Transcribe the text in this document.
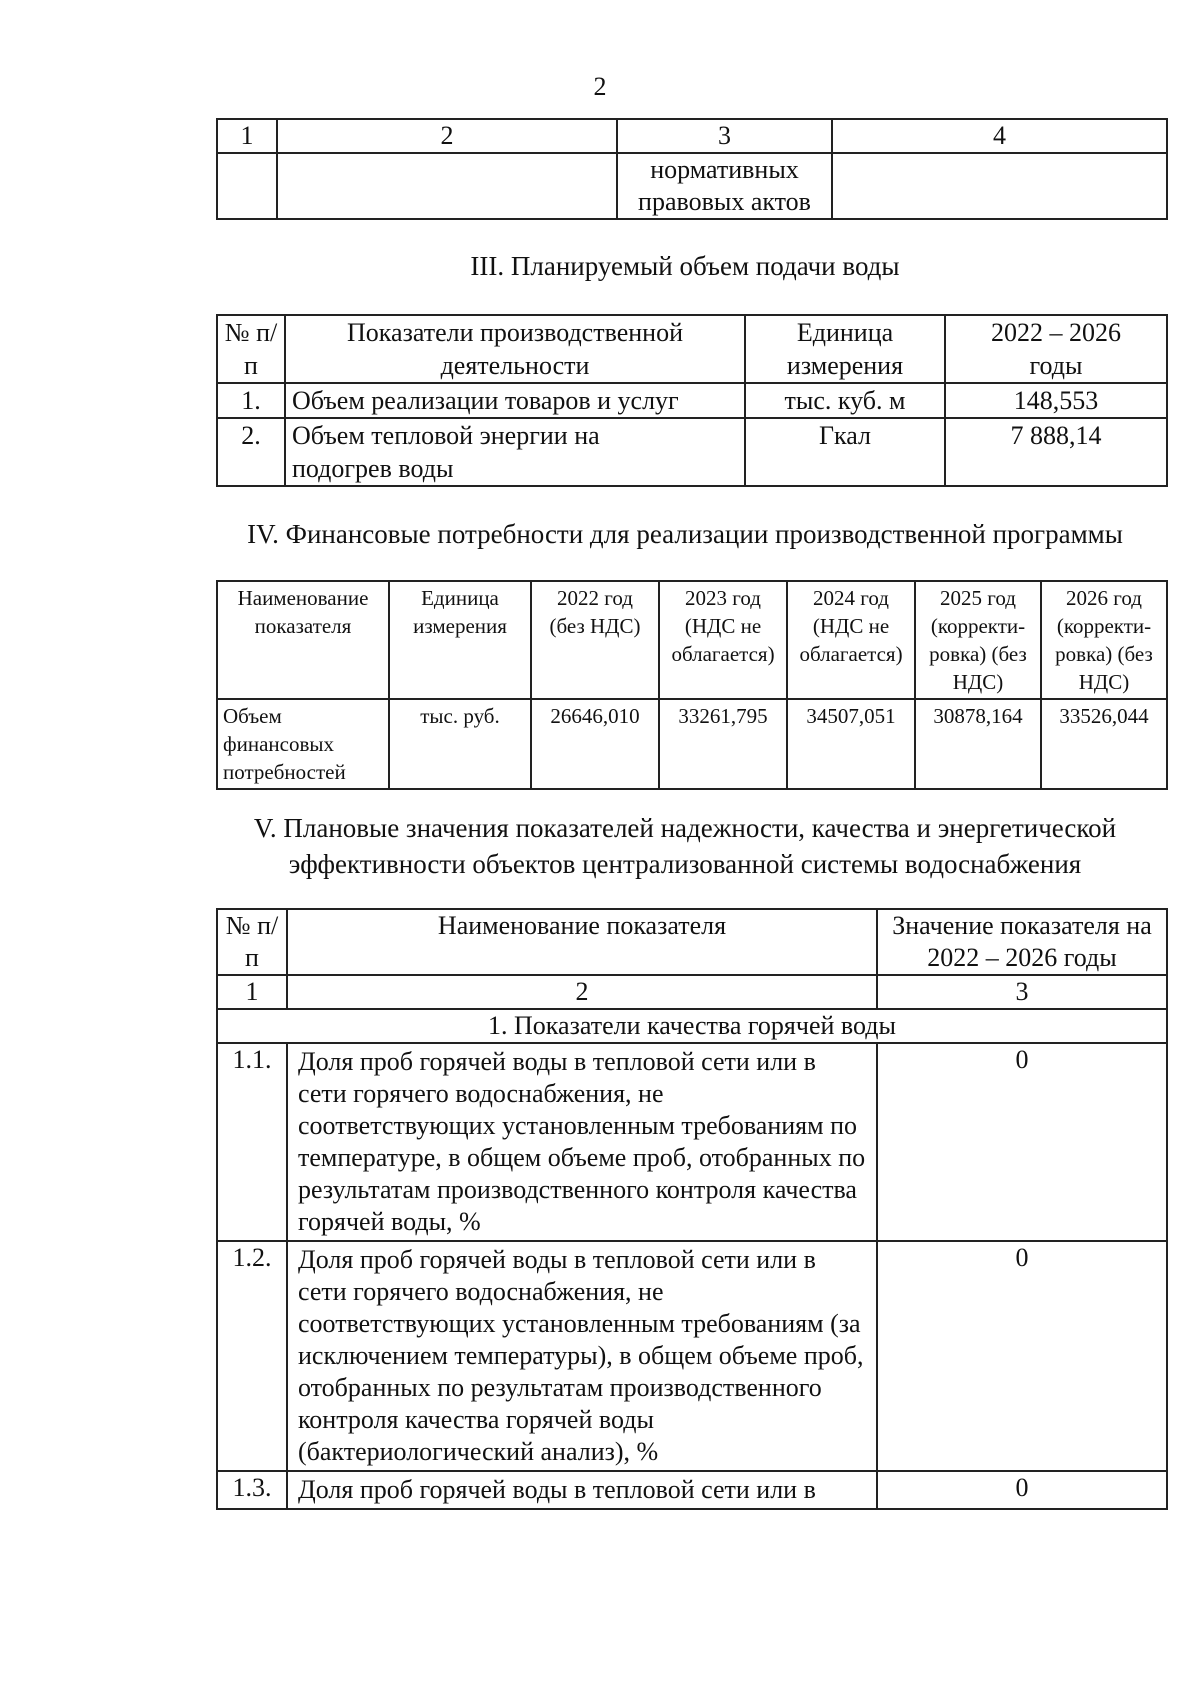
2
1	2	3	4
		нормативных правовых актов	
III. Планируемый объем подачи воды
№ п/п	Показатели производственной деятельности	Единица измерения	2022 – 2026 годы
1.	Объем реализации товаров и услуг	тыс. куб. м	148,553
2.	Объем тепловой энергии на подогрев воды	Гкал	7 888,14
IV. Финансовые потребности для реализации производственной программы
Наименование показателя	Единица измерения	2022 год (без НДС)	2023 год (НДС не облагается)	2024 год (НДС не облагается)	2025 год (корректи-ровка) (без НДС)	2026 год (корректи-ровка) (без НДС)
Объем финансовых потребностей	тыс. руб.	26646,010	33261,795	34507,051	30878,164	33526,044
V. Плановые значения показателей надежности, качества и энергетической эффективности объектов централизованной системы водоснабжения
№ п/п	Наименование показателя	Значение показателя на 2022 – 2026 годы
1	2	3
1. Показатели качества горячей воды		
1.1.	Доля проб горячей воды в тепловой сети или в сети горячего водоснабжения, не соответствующих установленным требованиям по температуре, в общем объеме проб, отобранных по результатам производственного контроля качества горячей воды, %	0
1.2.	Доля проб горячей воды в тепловой сети или в сети горячего водоснабжения, не соответствующих установленным требованиям (за исключением температуры), в общем объеме проб, отобранных по результатам производственного контроля качества горячей воды (бактериологический анализ), %	0
1.3.	Доля проб горячей воды в тепловой сети или в	0
